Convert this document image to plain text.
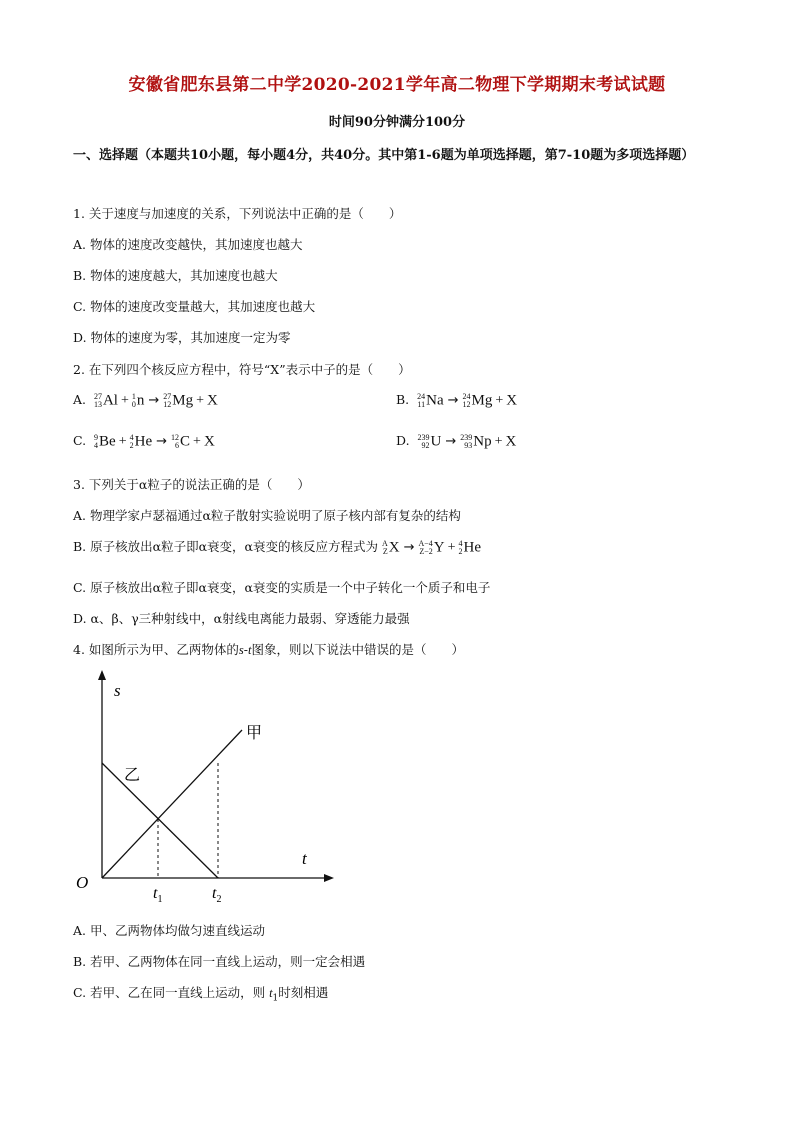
安徽省肥东县第二中学2020-2021学年高二物理下学期期末考试试题
时间90分钟满分100分
一、选择题（本题共10小题，每小题4分，共40分。其中第1-6题为单项选择题，第7-10题为多项选择题）
1. 关于速度与加速度的关系，下列说法中正确的是（　　）
A. 物体的速度改变越快，其加速度也越大
B. 物体的速度越大，其加速度也越大
C. 物体的速度改变量越大，其加速度也越大
D. 物体的速度为零，其加速度一定为零
2. 在下列四个核反应方程中，符号“X”表示中子的是（　　）
A. 27
13 Al + 1
0 n → 27
12 Mg + X	B. 24
11 Na → 24
12 Mg + X
C. 9
4 Be + 4
2 He → 12
6 C + X	D. 239
92 U → 239
93 Np + X
3. 下列关于α粒子的说法正确的是（　　）
A. 物理学家卢瑟福通过α粒子散射实验说明了原子核内部有复杂的结构
B. 原子核放出α粒子即α衰变，α衰变的核反应方程式为 A
Z X → A−4
Z−2 Y + 4
2 He
C. 原子核放出α粒子即α衰变，α衰变的实质是一个中子转化一个质子和电子
D. α、β、γ三种射线中，α射线电离能力最弱、穿透能力最强
4. 如图所示为甲、乙两物体的s-t图象，则以下说法中错误的是（　　）
s
t
O
甲
乙
$t_1$	$t_2$
A. 甲、乙两物体均做匀速直线运动
B. 若甲、乙两物体在同一直线上运动，则一定会相遇
C. 若甲、乙在同一直线上运动，则 $t_1$时刻相遇
